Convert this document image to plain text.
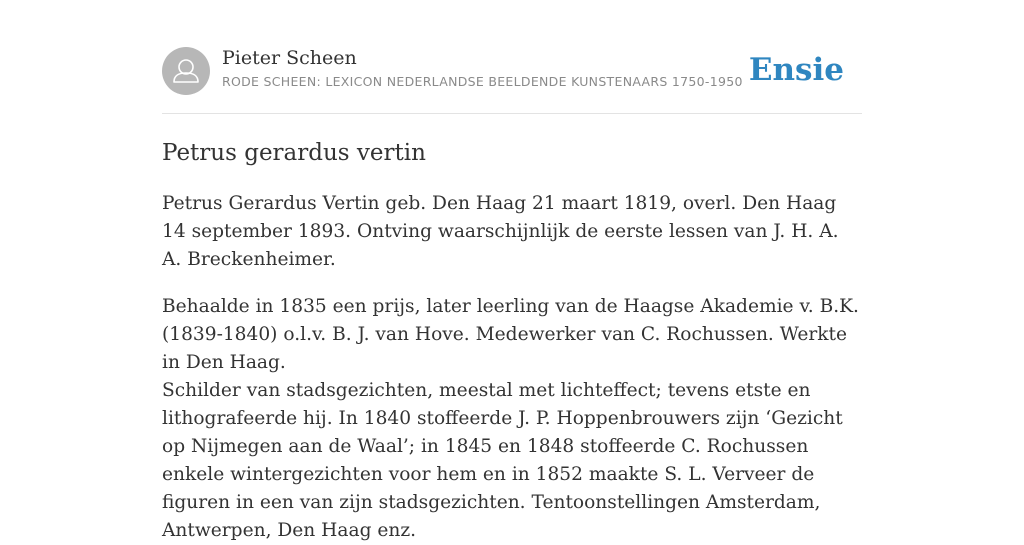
Pieter Scheen
RODE SCHEEN: LEXICON NEDERLANDSE BEELDENDE KUNSTENAARS 1750-1950 Ensie
Petrus gerardus vertin

Petrus Gerardus Vertin geb. Den Haag 21 maart 1819, overl. Den Haag 14 september 1893. Ontving waarschijnlijk de eerste lessen van J. H. A. A. Breckenheimer.

Behaalde in 1835 een prijs, later leerling van de Haagse Akademie v. B.K. (1839-1840) o.l.v. B. J. van Hove. Medewerker van C. Rochussen. Werkte in Den Haag.

Schilder van stadsgezichten, meestal met lichteffect; tevens etste en lithografeerde hij. In 1840 stoffeerde J. P. Hoppenbrouwers zijn ‘Gezicht op Nijmegen aan de Waal’; in 1845 en 1848 stoffeerde C. Rochussen enkele wintergezichten voor hem en in 1852 maakte S. L. Verveer de figuren in een van zijn stadsgezichten. Tentoonstellingen Amsterdam, Antwerpen, Den Haag enz.
